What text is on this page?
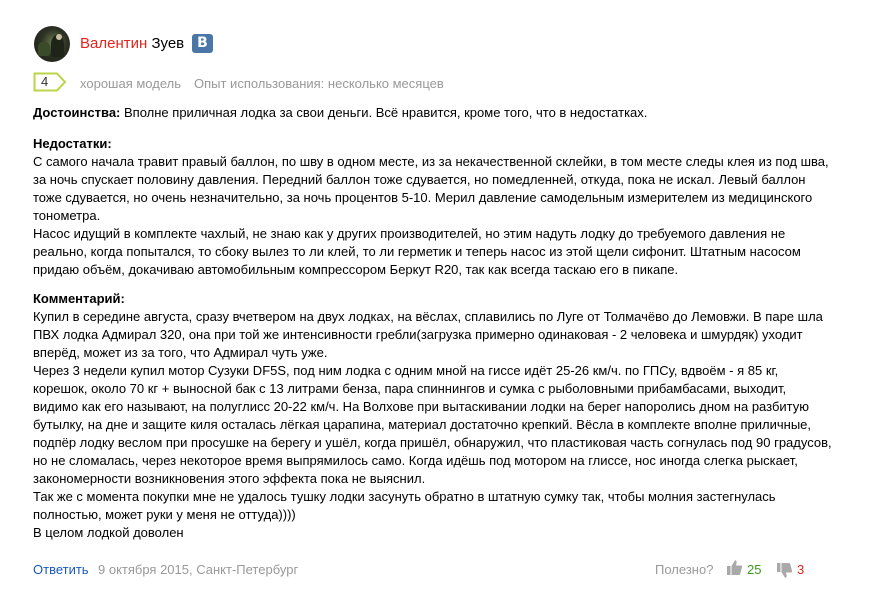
Валентин Зуев В
4 хорошая модель Опыт использования: несколько месяцев
Достоинства: Вполне приличная лодка за свои деньги. Всё нравится, кроме того, что в недостатках.
Недостатки:
С самого начала травит правый баллон, по шву в одном месте, из за некачественной склейки, в том месте следы клея из под шва, за ночь спускает половину давления. Передний баллон тоже сдувается, но помедленней, откуда, пока не искал. Левый баллон тоже сдувается, но очень незначительно, за ночь процентов 5-10. Мерил давление самодельным измерителем из медицинского тонометра.
Насос идущий в комплекте чахлый, не знаю как у других производителей, но этим надуть лодку до требуемого давления не реально, когда попытался, то сбоку вылез то ли клей, то ли герметик и теперь насос из этой щели сифонит. Штатным насосом придаю объём, докачиваю автомобильным компрессором Беркут R20, так как всегда таскаю его в пикапе.
Комментарий:
Купил в середине августа, сразу вчетвером на двух лодках, на вёслах, сплавились по Луге от Толмачёво до Лемовжи. В паре шла ПВХ лодка Адмирал 320, она при той же интенсивности гребли(загрузка примерно одинаковая - 2 человека и шмурдяк) уходит вперёд, может из за того, что Адмирал чуть уже.
Через 3 недели купил мотор Сузуки DF5S, под ним лодка с одним мной на гиссе идёт 25-26 км/ч. по ГПСу, вдвоём - я 85 кг, корешок, около 70 кг + выносной бак с 13 литрами бенза, пара спиннингов и сумка с рыболовными прибамбасами, выходит, видимо как его называют, на полуглисс 20-22 км/ч. На Волхове при вытаскивании лодки на берег напоролись дном на разбитую бутылку, на дне и защите киля осталась лёгкая царапина, материал достаточно крепкий. Вёсла в комплекте вполне приличные, подпёр лодку веслом при просушке на берегу и ушёл, когда пришёл, обнаружил, что пластиковая часть согнулась под 90 градусов, но не сломалась, через некоторое время выпрямилось само. Когда идёшь под мотором на глиссе, нос иногда слегка рыскает, закономерности возникновения этого эффекта пока не выяснил.
Так же с момента покупки мне не удалось тушку лодки засунуть обратно в штатную сумку так, чтобы молния застегнулась полностью, может руки у меня не оттуда))))
В целом лодкой доволен
Ответить 9 октября 2015, Санкт-Петербург	Полезно?	25	3
